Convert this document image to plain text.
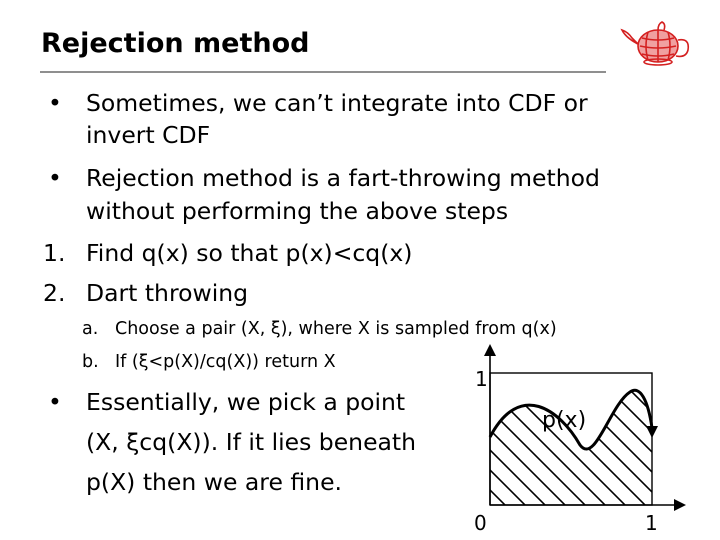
Rejection method
• Sometimes, we can’t integrate into CDF or
invert CDF
• Rejection method is a fart-throwing method
without performing the above steps
1. Find q(x) so that p(x)<cq(x)
2. Dart throwing
a. Choose a pair (X, ξ), where X is sampled from q(x)
b. If (ξ<p(X)/cq(X)) return X
• Essentially, we pick a point
(X, ξcq(X)). If it lies beneath
p(X) then we are fine.
1
0	1
p(x)
